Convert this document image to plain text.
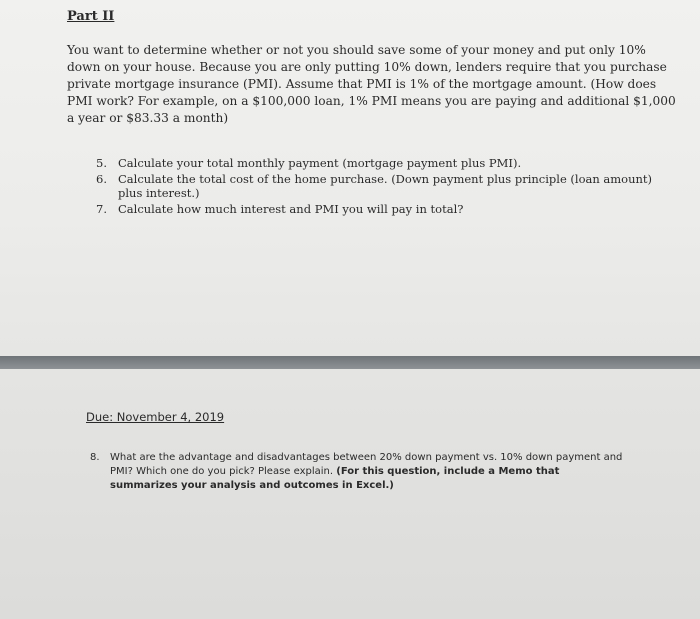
Part II
You want to determine whether or not you should save some of your money and put only 10% down on your house. Because you are only putting 10% down, lenders require that you purchase private mortgage insurance (PMI). Assume that PMI is 1% of the mortgage amount. (How does PMI work? For example, on a $100,000 loan, 1% PMI means you are paying and additional $1,000 a year or $83.33 a month)
5. Calculate your total monthly payment (mortgage payment plus PMI).
6. Calculate the total cost of the home purchase. (Down payment plus principle (loan amount) plus interest.)
7. Calculate how much interest and PMI you will pay in total?
Due: November 4, 2019
8. What are the advantage and disadvantages between 20% down payment vs. 10% down payment and PMI? Which one do you pick? Please explain. (For this question, include a Memo that summarizes your analysis and outcomes in Excel.)
